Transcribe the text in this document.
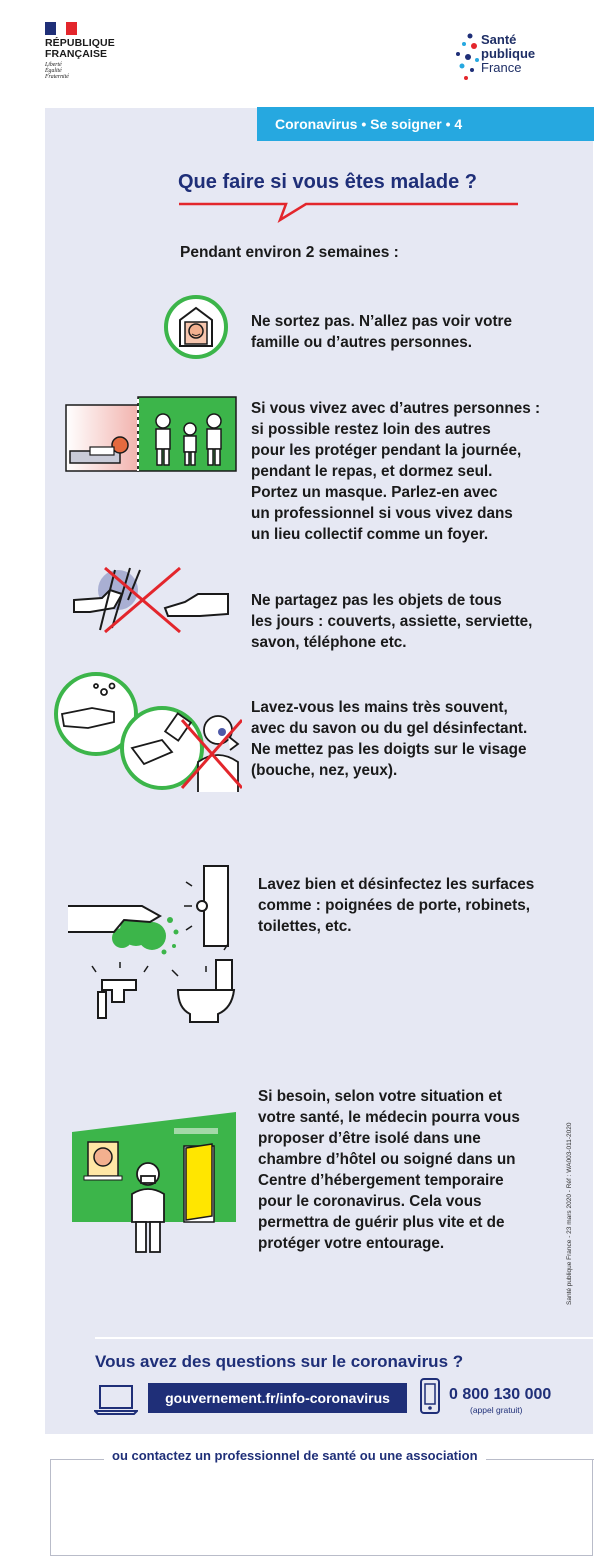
RÉPUBLIQUE
FRANÇAISE
Liberté
Égalité
Fraternité
Santé
publique
France
Coronavirus • Se soigner • 4
Que faire si vous êtes malade ?
Pendant environ 2 semaines :
Ne sortez pas. N’allez pas voir votre
famille ou d’autres personnes.
Si vous vivez avec d’autres personnes :
si possible restez loin des autres
pour les protéger pendant la journée,
pendant le repas, et dormez seul.
Portez un masque. Parlez-en avec
un professionnel si vous vivez dans
un lieu collectif comme un foyer.
Ne partagez pas les objets de tous
les jours : couverts, assiette, serviette,
savon, téléphone etc.
Lavez-vous les mains très souvent,
avec du savon ou du gel désinfectant.
Ne mettez pas les doigts sur le visage
(bouche, nez, yeux).
Lavez bien et désinfectez les surfaces
comme : poignées de porte, robinets,
toilettes, etc.
Si besoin, selon votre situation et
votre santé, le médecin pourra vous
proposer d’être isolé dans une
chambre d’hôtel ou soigné dans un
Centre d’hébergement temporaire
pour le coronavirus. Cela vous
permettra de guérir plus vite et de
protéger votre entourage.	Santé publique France - 23 mars 2020 - Réf : WA003-011-2020
Vous avez des questions sur le coronavirus ?
gouvernement.fr/info-coronavirus	0 800 130 000
(appel gratuit)
ou contactez un professionnel de santé ou une association
